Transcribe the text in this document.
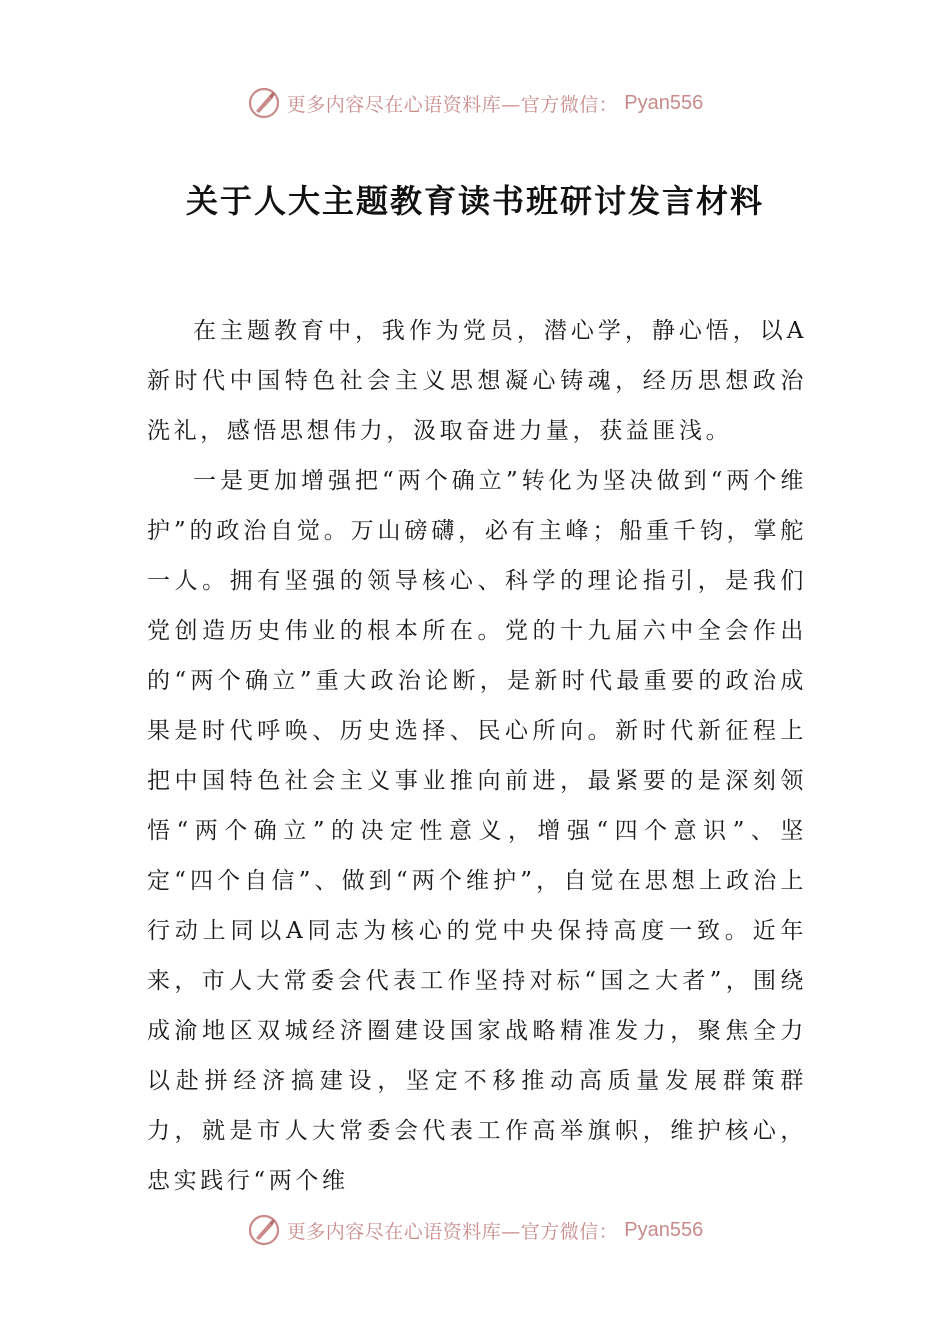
更多内容尽在心语资料库—官方微信： Pyan556
关于人大主题教育读书班研讨发言材料

在主题教育中，我作为党员，潜心学，静心悟，以A新时代中国特色社会主义思想凝心铸魂，经历思想政治洗礼，感悟思想伟力，汲取奋进力量，获益匪浅。

一是更加增强把“两个确立”转化为坚决做到“两个维护”的政治自觉。万山磅礴，必有主峰；船重千钧，掌舵一人。拥有坚强的领导核心、科学的理论指引，是我们党创造历史伟业的根本所在。党的十九届六中全会作出的“两个确立”重大政治论断，是新时代最重要的政治成果是时代呼唤、历史选择、民心所向。新时代新征程上把中国特色社会主义事业推向前进，最紧要的是深刻领悟“两个确立”的决定性意义，增强“四个意识”、坚定“四个自信”、做到“两个维护”，自觉在思想上政治上行动上同以A同志为核心的党中央保持高度一致。近年来，市人大常委会代表工作坚持对标“国之大者”，围绕成渝地区双城经济圈建设国家战略精准发力，聚焦全力以赴拼经济搞建设，坚定不移推动高质量发展群策群力，就是市人大常委会代表工作高举旗帜，维护核心，忠实践行“两个维

更多内容尽在心语资料库—官方微信： Pyan556
